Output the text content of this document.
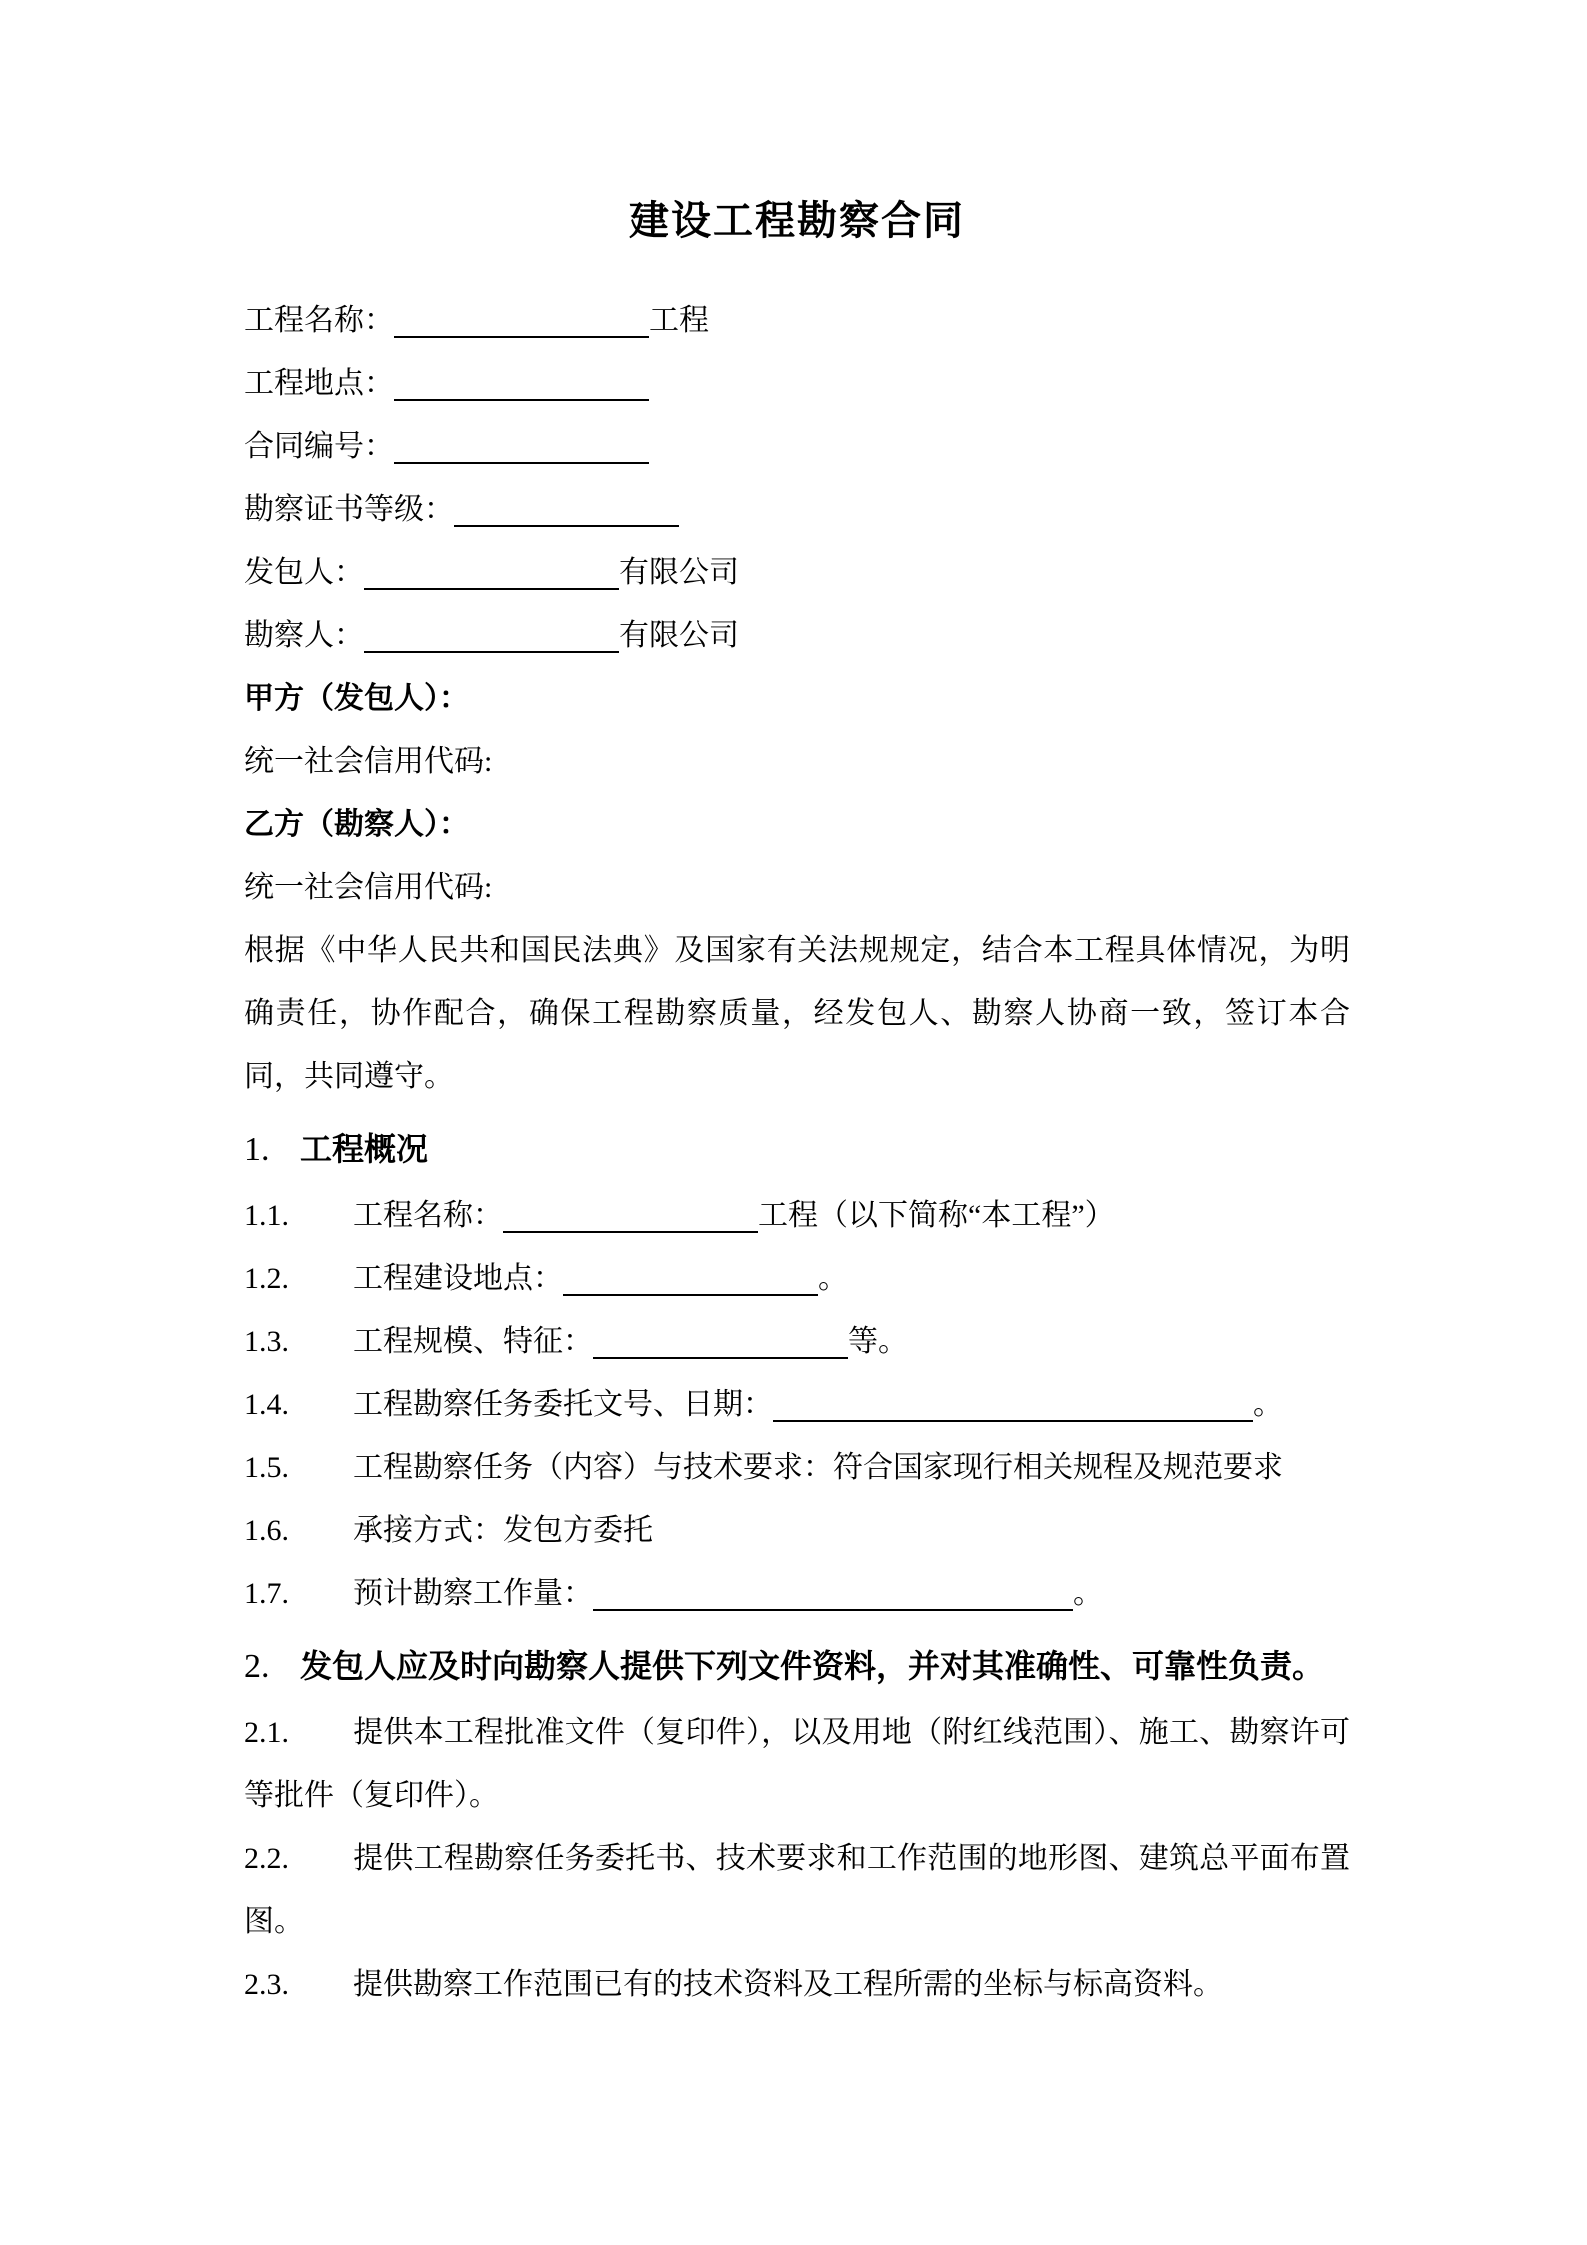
建设工程勘察合同
工程名称：	工程
工程地点：
合同编号：
勘察证书等级：
发包人：	有限公司
勘察人：	有限公司
甲方（发包人）：
统一社会信用代码:
乙方（勘察人）：
统一社会信用代码:

根据《中华人民共和国民法典》及国家有关法规规定，结合本工程具体情况，为明确责任，协作配合，确保工程勘察质量，经发包人、勘察人协商一致，签订本合同，共同遵守。

1. 工程概况
1.1. 工程名称：	工程（以下简称“本工程”）
1.2. 工程建设地点：	。
1.3. 工程规模、特征：	等。
1.4. 工程勘察任务委托文号、日期：	。
1.5. 工程勘察任务（内容）与技术要求：符合国家现行相关规程及规范要求
1.6. 承接方式：发包方委托
1.7. 预计勘察工作量：	。
2. 发包人应及时向勘察人提供下列文件资料，并对其准确性、可靠性负责。
2.1. 提供本工程批准文件（复印件），以及用地（附红线范围）、施工、勘察许可等批件（复印件）。
2.2. 提供工程勘察任务委托书、技术要求和工作范围的地形图、建筑总平面布置图。
2.3. 提供勘察工作范围已有的技术资料及工程所需的坐标与标高资料。
